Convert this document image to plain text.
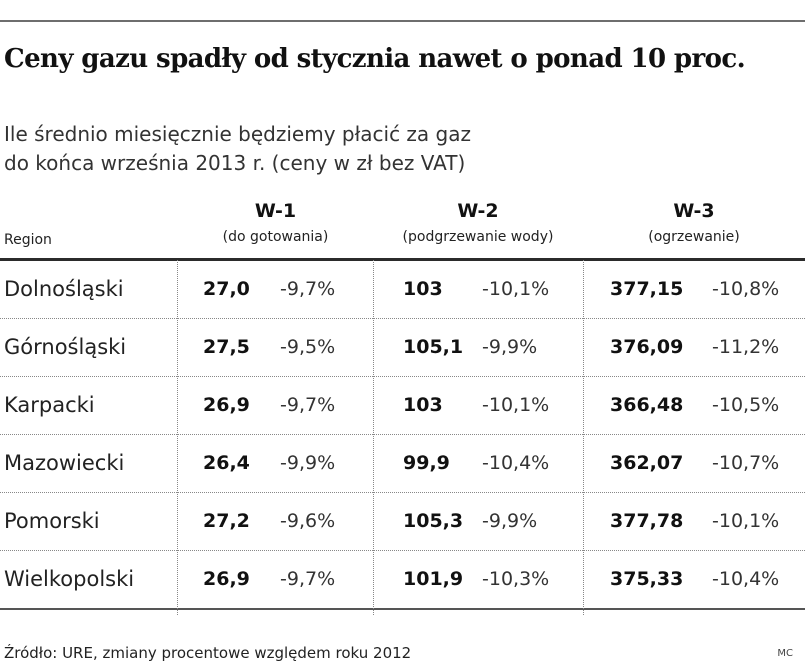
Ceny gazu spadły od stycznia nawet o ponad 10 proc.

Ile średnio miesięcznie będziemy płacić za gaz
do końca września 2013 r. (ceny w zł bez VAT)

Region
W-1
(do gotowania)
W-2
(podgrzewanie wody)
W-3
(ogrzewanie)
Dolnośląski	27,0 -9,7%	103 -10,1%	377,15 -10,8%
Górnośląski	27,5 -9,5%	105,1 -9,9%	376,09 -11,2%
Karpacki	26,9 -9,7%	103 -10,1%	366,48 -10,5%
Mazowiecki	26,4 -9,9%	99,9 -10,4%	362,07 -10,7%
Pomorski	27,2 -9,6%	105,3 -9,9%	377,78 -10,1%
Wielkopolski	26,9 -9,7%	101,9 -10,3%	375,33 -10,4%
Źródło: URE, zmiany procentowe względem roku 2012	MC
